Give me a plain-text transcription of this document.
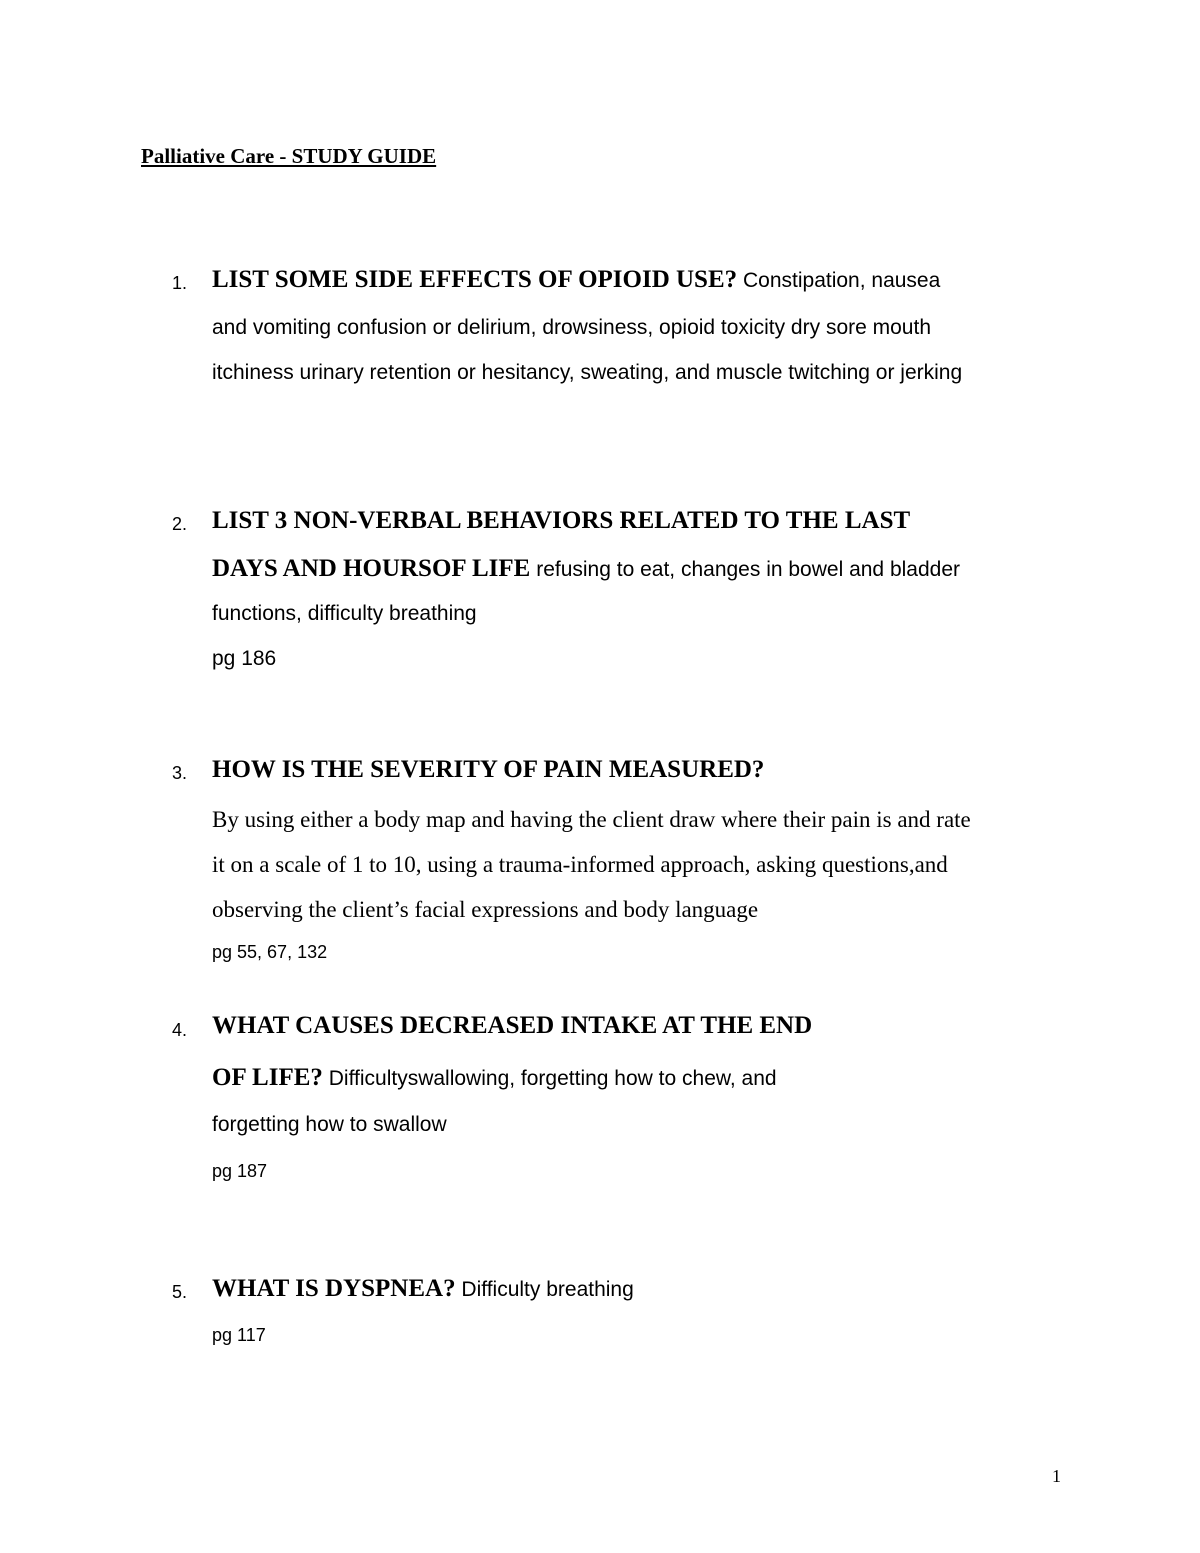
Palliative Care - STUDY GUIDE
1. LIST SOME SIDE EFFECTS OF OPIOID USE? Constipation, nausea
and vomiting confusion or delirium, drowsiness, opioid toxicity dry sore mouth
itchiness urinary retention or hesitancy, sweating, and muscle twitching or jerking
2. LIST 3 NON-VERBAL BEHAVIORS RELATED TO THE LAST
DAYS AND HOURSOF LIFE refusing to eat, changes in bowel and bladder
functions, difficulty breathing
pg 186
3. HOW IS THE SEVERITY OF PAIN MEASURED?
By using either a body map and having the client draw where their pain is and rate
it on a scale of 1 to 10, using a trauma-informed approach, asking questions,and
observing the client’s facial expressions and body language
pg 55, 67, 132
4. WHAT CAUSES DECREASED INTAKE AT THE END
OF LIFE? Difficultyswallowing, forgetting how to chew, and
forgetting how to swallow
pg 187
5. WHAT IS DYSPNEA? Difficulty breathing
pg 117
1
